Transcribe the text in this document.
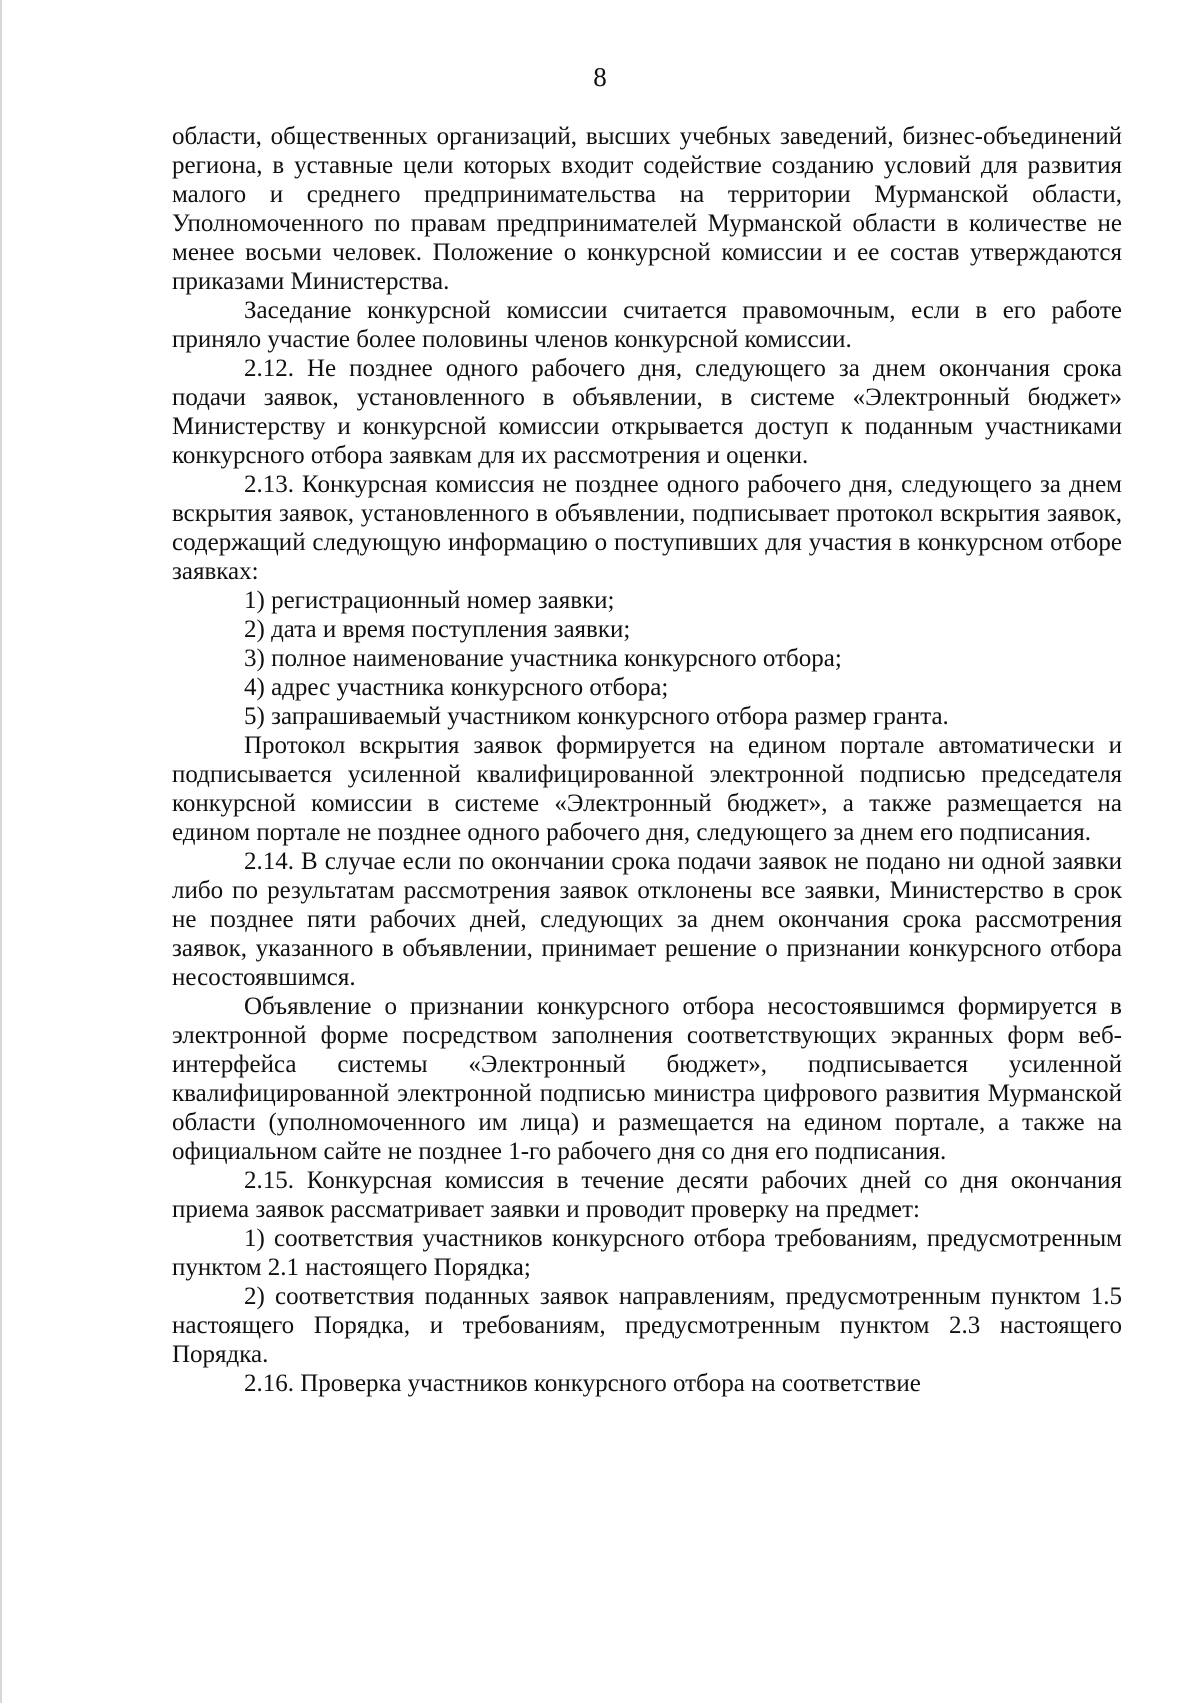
8

области, общественных организаций, высших учебных заведений, бизнес-объединений региона, в уставные цели которых входит содействие созданию условий для развития малого и среднего предпринимательства на территории Мурманской области, Уполномоченного по правам предпринимателей Мурманской области в количестве не менее восьми человек. Положение о конкурсной комиссии и ее состав утверждаются приказами Министерства.

Заседание конкурсной комиссии считается правомочным, если в его работе приняло участие более половины членов конкурсной комиссии.

2.12. Не позднее одного рабочего дня, следующего за днем окончания срока подачи заявок, установленного в объявлении, в системе «Электронный бюджет» Министерству и конкурсной комиссии открывается доступ к поданным участниками конкурсного отбора заявкам для их рассмотрения и оценки.

2.13. Конкурсная комиссия не позднее одного рабочего дня, следующего за днем вскрытия заявок, установленного в объявлении, подписывает протокол вскрытия заявок, содержащий следующую информацию о поступивших для участия в конкурсном отборе заявках:

1) регистрационный номер заявки;

2) дата и время поступления заявки;

3) полное наименование участника конкурсного отбора;

4) адрес участника конкурсного отбора;

5) запрашиваемый участником конкурсного отбора размер гранта.

Протокол вскрытия заявок формируется на едином портале автоматически и подписывается усиленной квалифицированной электронной подписью председателя конкурсной комиссии в системе «Электронный бюджет», а также размещается на едином портале не позднее одного рабочего дня, следующего за днем его подписания.

2.14. В случае если по окончании срока подачи заявок не подано ни одной заявки либо по результатам рассмотрения заявок отклонены все заявки, Министерство в срок не позднее пяти рабочих дней, следующих за днем окончания срока рассмотрения заявок, указанного в объявлении, принимает решение о признании конкурсного отбора несостоявшимся.

Объявление о признании конкурсного отбора несостоявшимся формируется в электронной форме посредством заполнения соответствующих экранных форм веб-интерфейса системы «Электронный бюджет», подписывается усиленной квалифицированной электронной подписью министра цифрового развития Мурманской области (уполномоченного им лица) и размещается на едином портале, а также на официальном сайте не позднее 1-го рабочего дня со дня его подписания.

2.15. Конкурсная комиссия в течение десяти рабочих дней со дня окончания приема заявок рассматривает заявки и проводит проверку на предмет:

1) соответствия участников конкурсного отбора требованиям, предусмотренным пунктом 2.1 настоящего Порядка;

2) соответствия поданных заявок направлениям, предусмотренным пунктом 1.5 настоящего Порядка, и требованиям, предусмотренным пунктом 2.3 настоящего Порядка.

2.16. Проверка участников конкурсного отбора на соответствие
